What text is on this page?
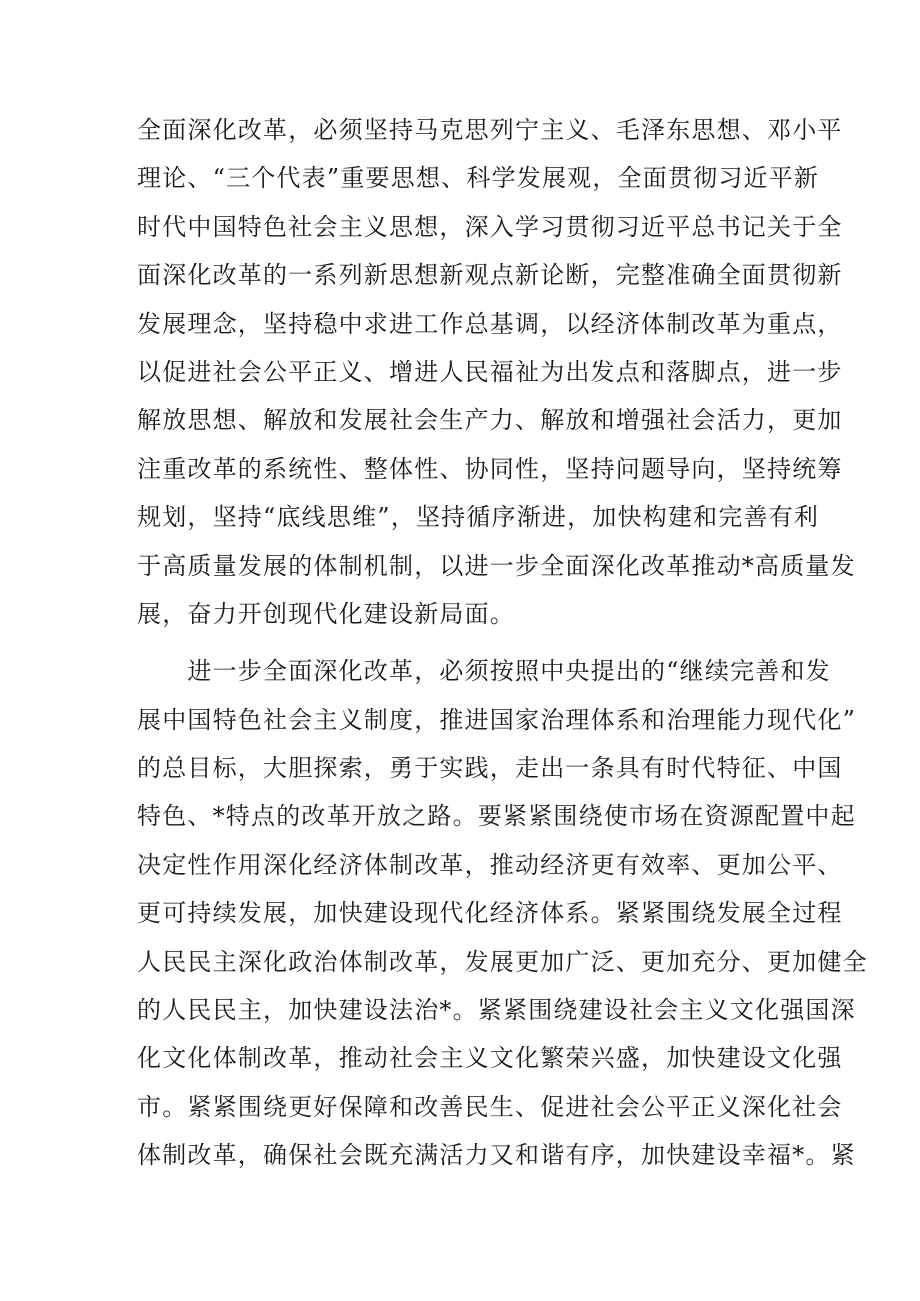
全面深化改革，必须坚持马克思列宁主义、毛泽东思想、邓小平
理论、“三个代表”重要思想、科学发展观，全面贯彻习近平新
时代中国特色社会主义思想，深入学习贯彻习近平总书记关于全
面深化改革的一系列新思想新观点新论断，完整准确全面贯彻新
发展理念，坚持稳中求进工作总基调，以经济体制改革为重点，
以促进社会公平正义、增进人民福祉为出发点和落脚点，进一步
解放思想、解放和发展社会生产力、解放和增强社会活力，更加
注重改革的系统性、整体性、协同性，坚持问题导向，坚持统筹
规划，坚持“底线思维”，坚持循序渐进，加快构建和完善有利
于高质量发展的体制机制，以进一步全面深化改革推动*高质量发
展，奋力开创现代化建设新局面。
　　进一步全面深化改革，必须按照中央提出的“继续完善和发
展中国特色社会主义制度，推进国家治理体系和治理能力现代化”
的总目标，大胆探索，勇于实践，走出一条具有时代特征、中国
特色、*特点的改革开放之路。要紧紧围绕使市场在资源配置中起
决定性作用深化经济体制改革，推动经济更有效率、更加公平、
更可持续发展，加快建设现代化经济体系。紧紧围绕发展全过程
人民民主深化政治体制改革，发展更加广泛、更加充分、更加健全
的人民民主，加快建设法治*。紧紧围绕建设社会主义文化强国深
化文化体制改革，推动社会主义文化繁荣兴盛，加快建设文化强
市。紧紧围绕更好保障和改善民生、促进社会公平正义深化社会
体制改革，确保社会既充满活力又和谐有序，加快建设幸福*。紧
